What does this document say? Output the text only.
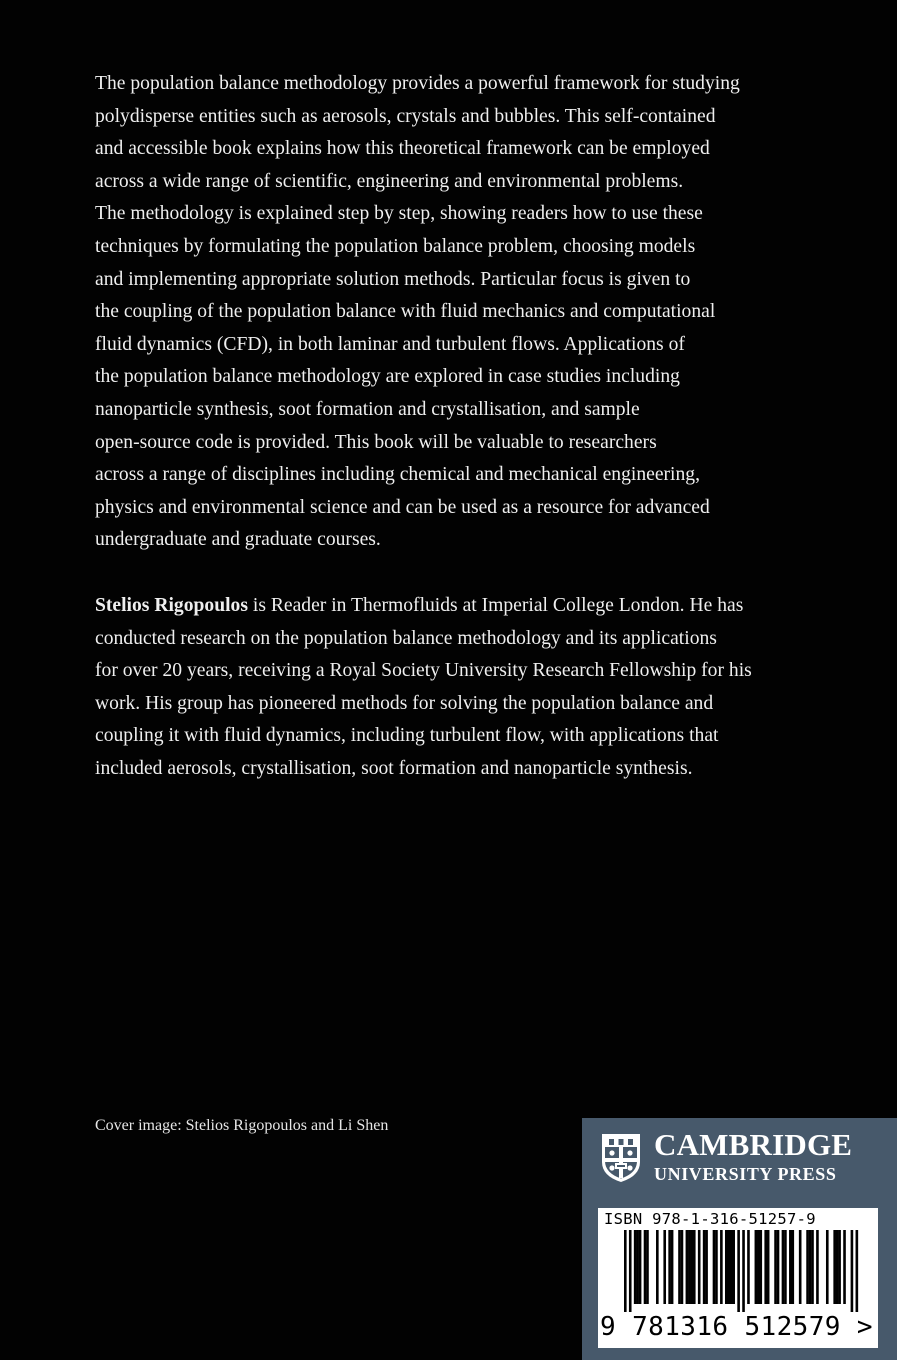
The population balance methodology provides a powerful framework for studying
polydisperse entities such as aerosols, crystals and bubbles. This self-contained
and accessible book explains how this theoretical framework can be employed
across a wide range of scientific, engineering and environmental problems.
The methodology is explained step by step, showing readers how to use these
techniques by formulating the population balance problem, choosing models
and implementing appropriate solution methods. Particular focus is given to
the coupling of the population balance with fluid mechanics and computational
fluid dynamics (CFD), in both laminar and turbulent flows. Applications of
the population balance methodology are explored in case studies including
nanoparticle synthesis, soot formation and crystallisation, and sample
open-source code is provided. This book will be valuable to researchers
across a range of disciplines including chemical and mechanical engineering,
physics and environmental science and can be used as a resource for advanced
undergraduate and graduate courses.
Stelios Rigopoulos is Reader in Thermofluids at Imperial College London. He has
conducted research on the population balance methodology and its applications
for over 20 years, receiving a Royal Society University Research Fellowship for his
work. His group has pioneered methods for solving the population balance and
coupling it with fluid dynamics, including turbulent flow, with applications that
included aerosols, crystallisation, soot formation and nanoparticle synthesis.
Cover image: Stelios Rigopoulos and Li Shen
CAMBRIDGE
UNIVERSITY PRESS
ISBN 978-1-316-51257-9
9 781316 512579 >
